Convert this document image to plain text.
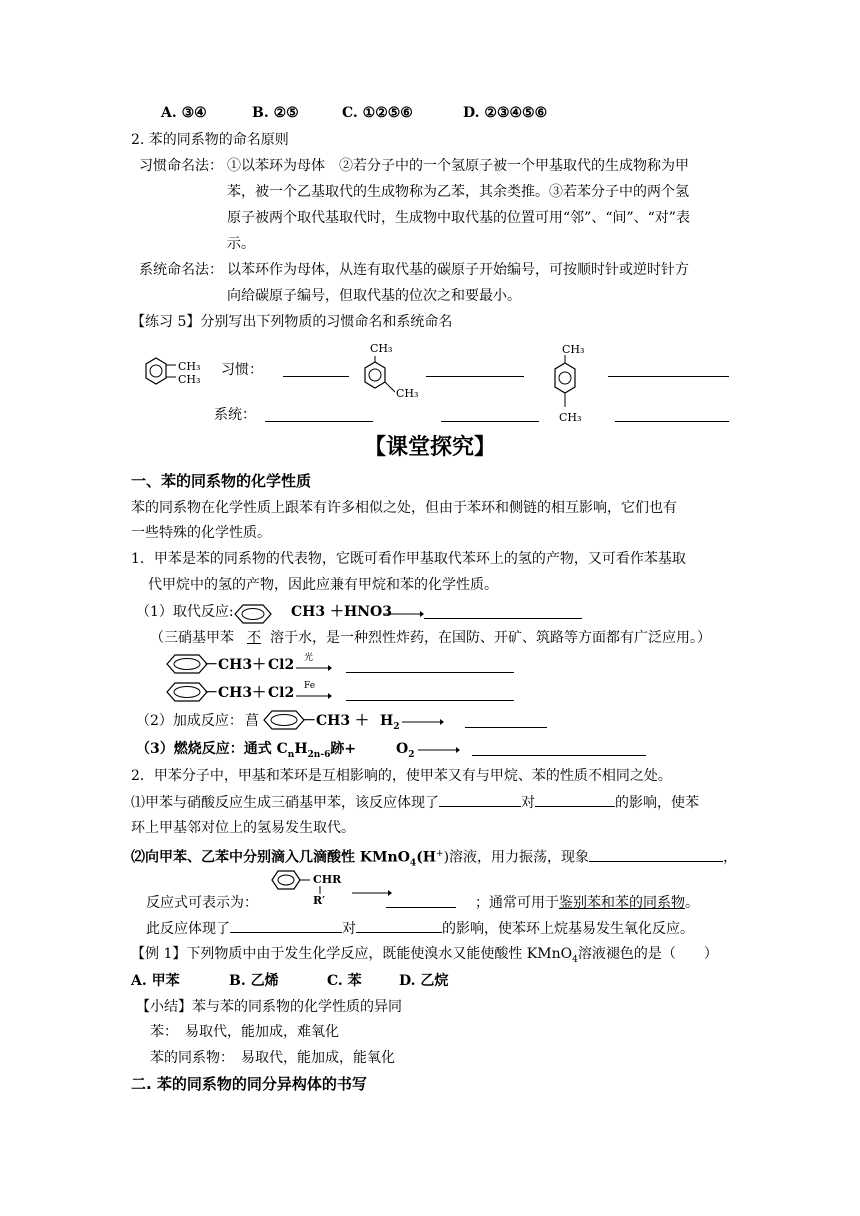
A. ③④	B. ②⑤	C. ①②⑤⑥	D. ②③④⑤⑥
2. 苯的同系物的命名原则
习惯命名法： ①以苯环为母体　②若分子中的一个氢原子被一个甲基取代的生成物称为甲
苯，被一个乙基取代的生成物称为乙苯，其余类推。③若苯分子中的两个氢
原子被两个取代基取代时，生成物中取代基的位置可用“邻”、“间”、“对”表
示。
系统命名法： 以苯环作为母体，从连有取代基的碳原子开始编号，可按顺时针或逆时针方
向给碳原子编号，但取代基的位次之和要最小。
【练习 5】分别写出下列物质的习惯命名和系统命名
CH₃
CH₃
习惯：
CH₃
CH₃
CH₃
CH₃
系统：
【课堂探究】
一、苯的同系物的化学性质
苯的同系物在化学性质上跟苯有许多相似之处，但由于苯环和侧链的相互影响，它们也有
一些特殊的化学性质。
1．甲苯是苯的同系物的代表物，它既可看作甲基取代苯环上的氢的产物，又可看作苯基取
代甲烷中的氢的产物，因此应兼有甲烷和苯的化学性质。
（1）取代反应:	CH3 ＋HNO3
（三硝基甲苯 不 溶于水，是一种烈性炸药，在国防、开矿、筑路等方面都有广泛应用。）
－CH3＋ Cl2 光
－CH3＋ Cl2 Fe
（2）加成反应： 菖	$-CH3 + H_2$
（3）燃烧反应：通式 $C_nH_{2n-6}$跡+	$O_2$
2．甲苯分子中，甲基和苯环是互相影响的，使甲苯又有与甲烷、苯的性质不相同之处。
⑴甲苯与硝酸反应生成三硝基甲苯，该反应体现了	对	的影响，使苯
环上甲基邻对位上的氢易发生取代。
⑵向甲苯、乙苯中分别滴入几滴酸性 KMnO$_4$(H+)溶液，用力振荡，现象	，
反应式可表示为：
CHR
R′	；通常可用于鉴别苯和苯的同系物。
此反应体现了	对	的影响，使苯环上烷基易发生氧化反应。
【例 1】下列物质中由于发生化学反应，既能使溴水又能使酸性 KMnO$_4$溶液褪色的是（　　）
A. 甲苯	B. 乙烯	C. 苯	D. 乙烷
【小结】苯与苯的同系物的化学性质的异同
苯：　易取代，能加成，难氧化
苯的同系物：　易取代，能加成，能氧化
二. 苯的同系物的同分异构体的书写
